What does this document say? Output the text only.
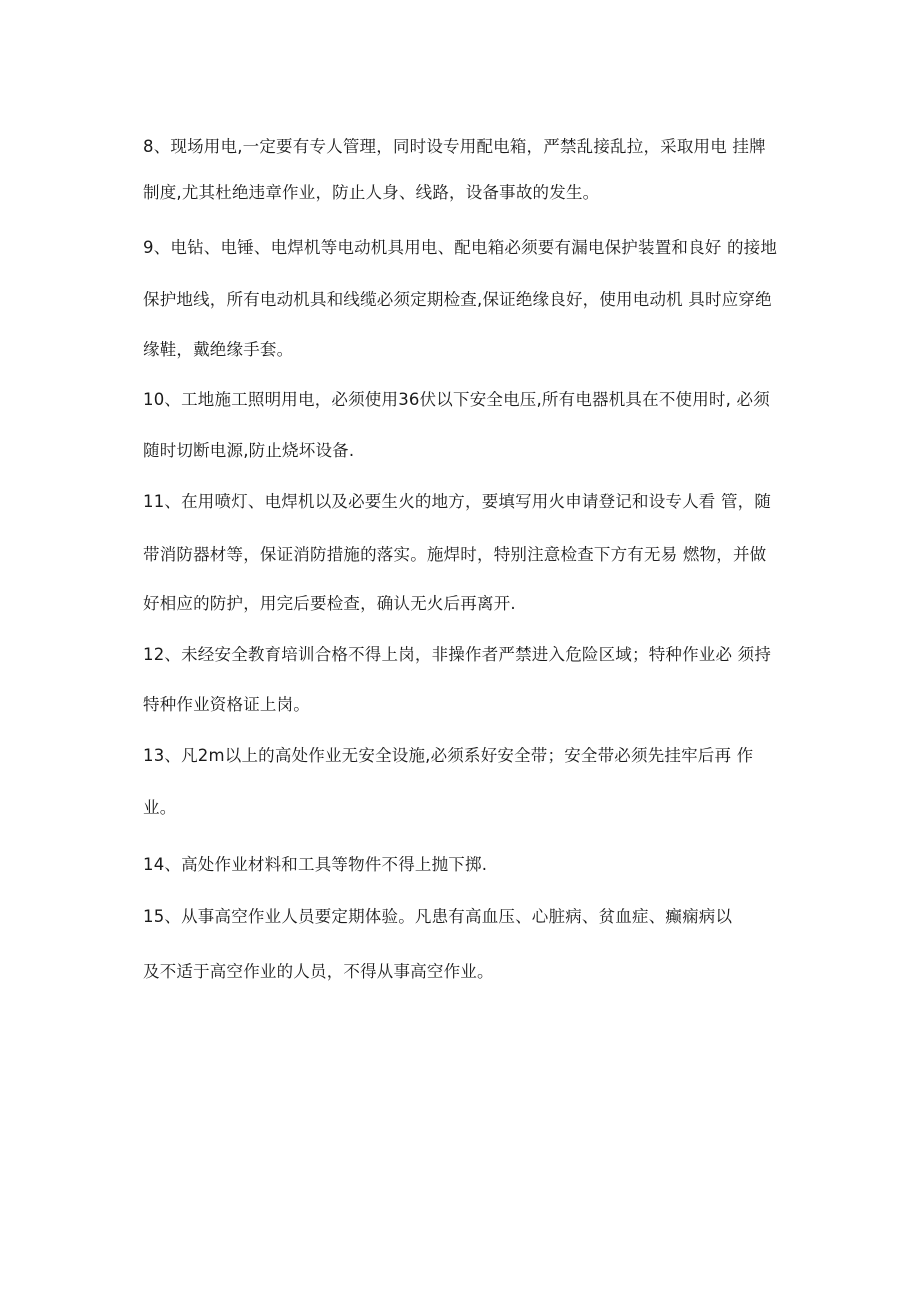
8、现场用电,一定要有专人管理，同时设专用配电箱，严禁乱接乱拉，采取用电 挂牌
制度,尤其杜绝违章作业，防止人身、线路，设备事故的发生。
9、电钻、电锤、电焊机等电动机具用电、配电箱必须要有漏电保护装置和良好 的接地
保护地线，所有电动机具和线缆必须定期检查,保证绝缘良好，使用电动机 具时应穿绝
缘鞋，戴绝缘手套。
10、工地施工照明用电，必须使用36伏以下安全电压,所有电器机具在不使用时, 必须
随时切断电源,防止烧坏设备.
11、在用喷灯、电焊机以及必要生火的地方，要填写用火申请登记和设专人看 管，随
带消防器材等，保证消防措施的落实。施焊时，特别注意检查下方有无易 燃物，并做
好相应的防护，用完后要检查，确认无火后再离开.
12、未经安全教育培训合格不得上岗，非操作者严禁进入危险区域；特种作业必 须持
特种作业资格证上岗。
13、凡2m以上的高处作业无安全设施,必须系好安全带；安全带必须先挂牢后再 作
业。
14、高处作业材料和工具等物件不得上抛下掷.
15、从事高空作业人员要定期体验。凡患有高血压、心脏病、贫血症、癫痫病以
及不适于高空作业的人员，不得从事高空作业。
